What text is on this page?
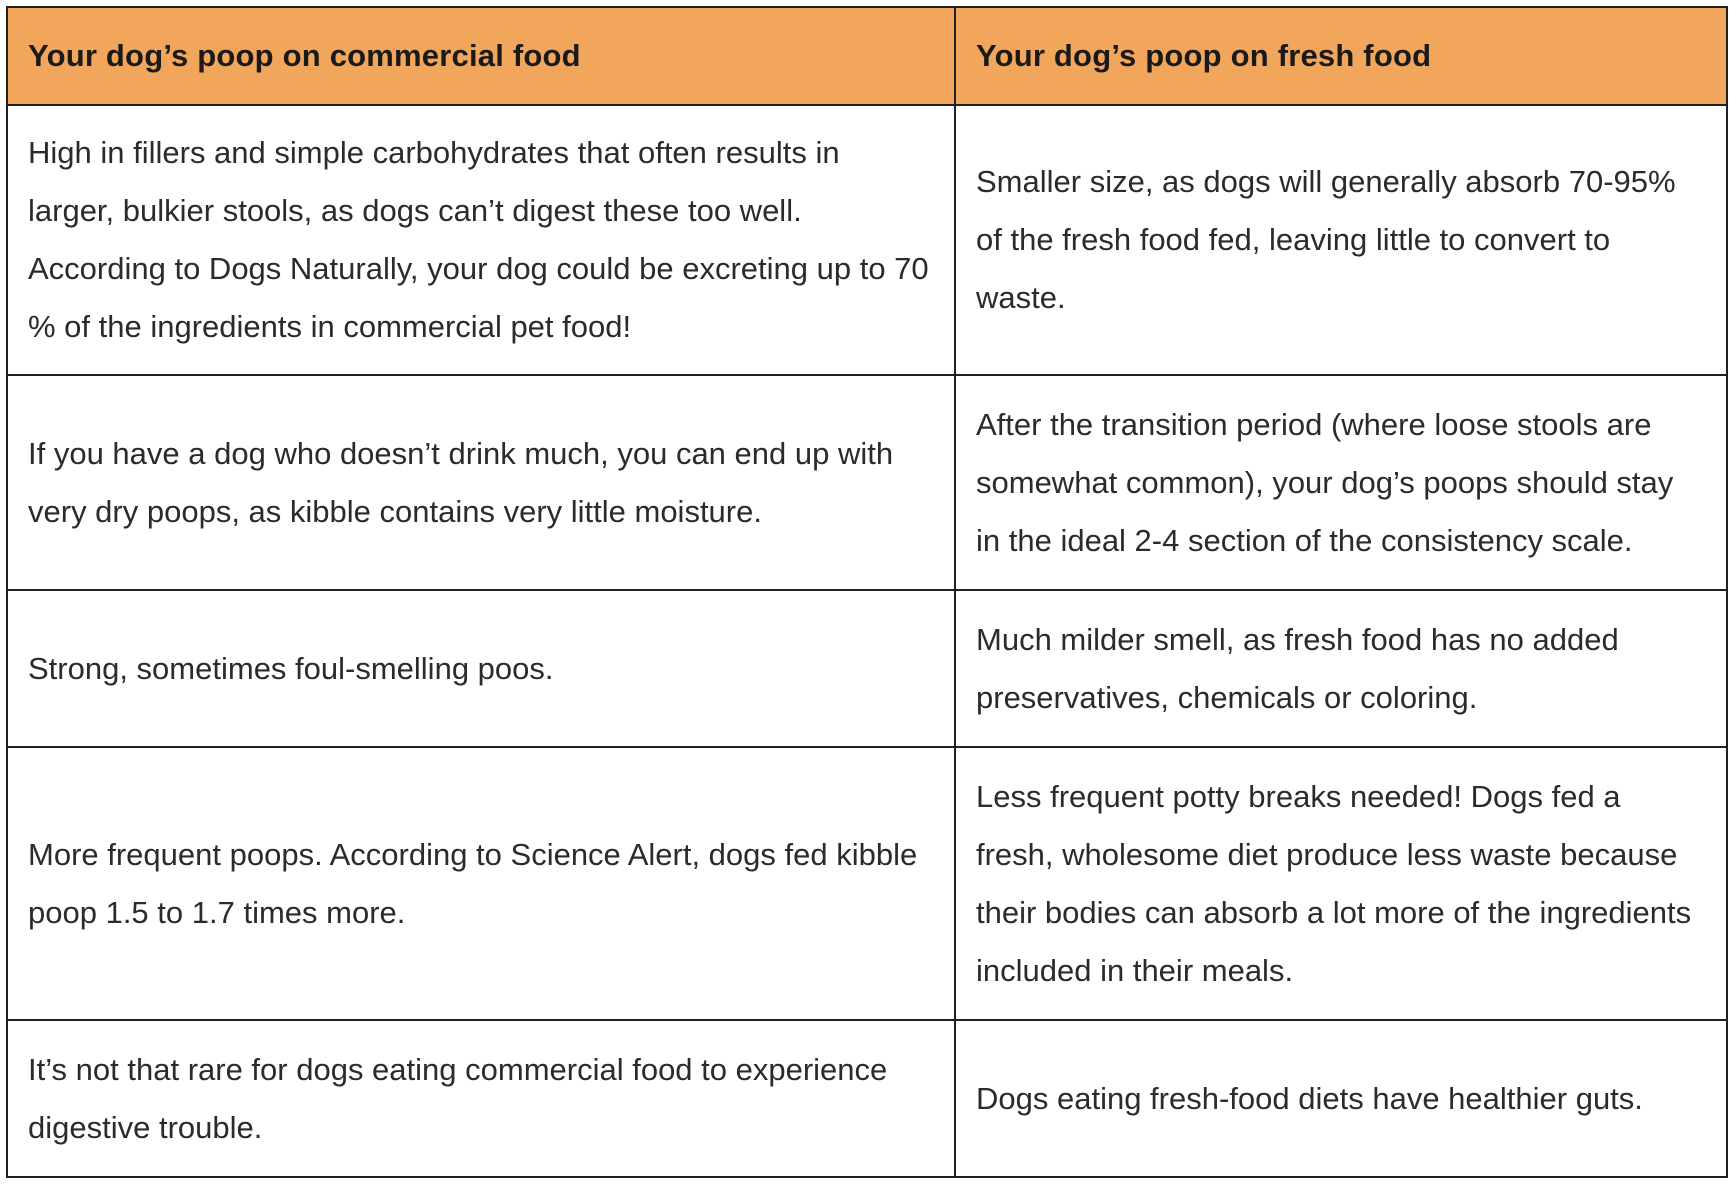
Your dog’s poop on commercial food	Your dog’s poop on fresh food
High in fillers and simple carbohydrates that often results in larger, bulkier stools, as dogs can’t digest these too well. According to Dogs Naturally, your dog could be excreting up to 70 % of the ingredients in commercial pet food!	Smaller size, as dogs will generally absorb 70-95% of the fresh food fed, leaving little to convert to waste.
If you have a dog who doesn’t drink much, you can end up with very dry poops, as kibble contains very little moisture.	After the transition period (where loose stools are somewhat common), your dog’s poops should stay in the ideal 2-4 section of the consistency scale.
Strong, sometimes foul-smelling poos.	Much milder smell, as fresh food has no added preservatives, chemicals or coloring.
More frequent poops. According to Science Alert, dogs fed kibble poop 1.5 to 1.7 times more.	Less frequent potty breaks needed! Dogs fed a fresh, wholesome diet produce less waste because their bodies can absorb a lot more of the ingredients included in their meals.
It’s not that rare for dogs eating commercial food to experience digestive trouble.	Dogs eating fresh-food diets have healthier guts.
